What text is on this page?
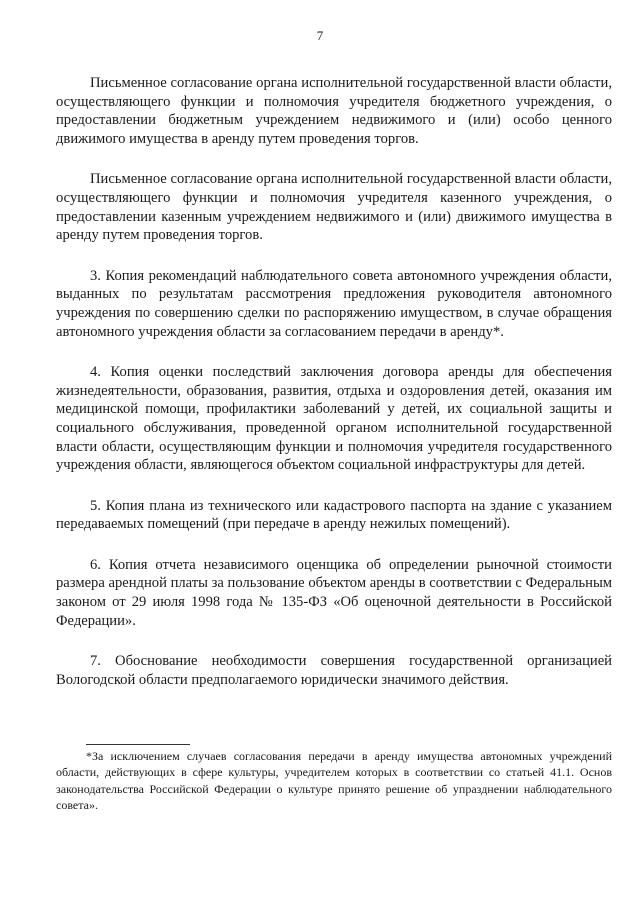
7

Письменное согласование органа исполнительной государственной власти области, осуществляющего функции и полномочия учредителя бюджетного учреждения, о предоставлении бюджетным учреждением недвижимого и (или) особо ценного движимого имущества в аренду путем проведения торгов.

Письменное согласование органа исполнительной государственной власти области, осуществляющего функции и полномочия учредителя казенного учреждения, о предоставлении казенным учреждением недвижимого и (или) движимого имущества в аренду путем проведения торгов.

3. Копия рекомендаций наблюдательного совета автономного учреждения области, выданных по результатам рассмотрения предложения руководителя автономного учреждения по совершению сделки по распоряжению имуществом, в случае обращения автономного учреждения области за согласованием передачи в аренду*.

4. Копия оценки последствий заключения договора аренды для обеспечения жизнедеятельности, образования, развития, отдыха и оздоровления детей, оказания им медицинской помощи, профилактики заболеваний у детей, их социальной защиты и социального обслуживания, проведенной органом исполнительной государственной власти области, осуществляющим функции и полномочия учредителя государственного учреждения области, являющегося объектом социальной инфраструктуры для детей.

5. Копия плана из технического или кадастрового паспорта на здание с указанием передаваемых помещений (при передаче в аренду нежилых помещений).

6. Копия отчета независимого оценщика об определении рыночной стоимости размера арендной платы за пользование объектом аренды в соответствии с Федеральным законом от 29 июля 1998 года № 135-ФЗ «Об оценочной деятельности в Российской Федерации».

7. Обоснование необходимости совершения государственной организацией Вологодской области предполагаемого юридически значимого действия.

*За исключением случаев согласования передачи в аренду имущества автономных учреждений области, действующих в сфере культуры, учредителем которых в соответствии со статьей 41.1. Основ законодательства Российской Федерации о культуре принято решение об упразднении наблюдательного совета».
